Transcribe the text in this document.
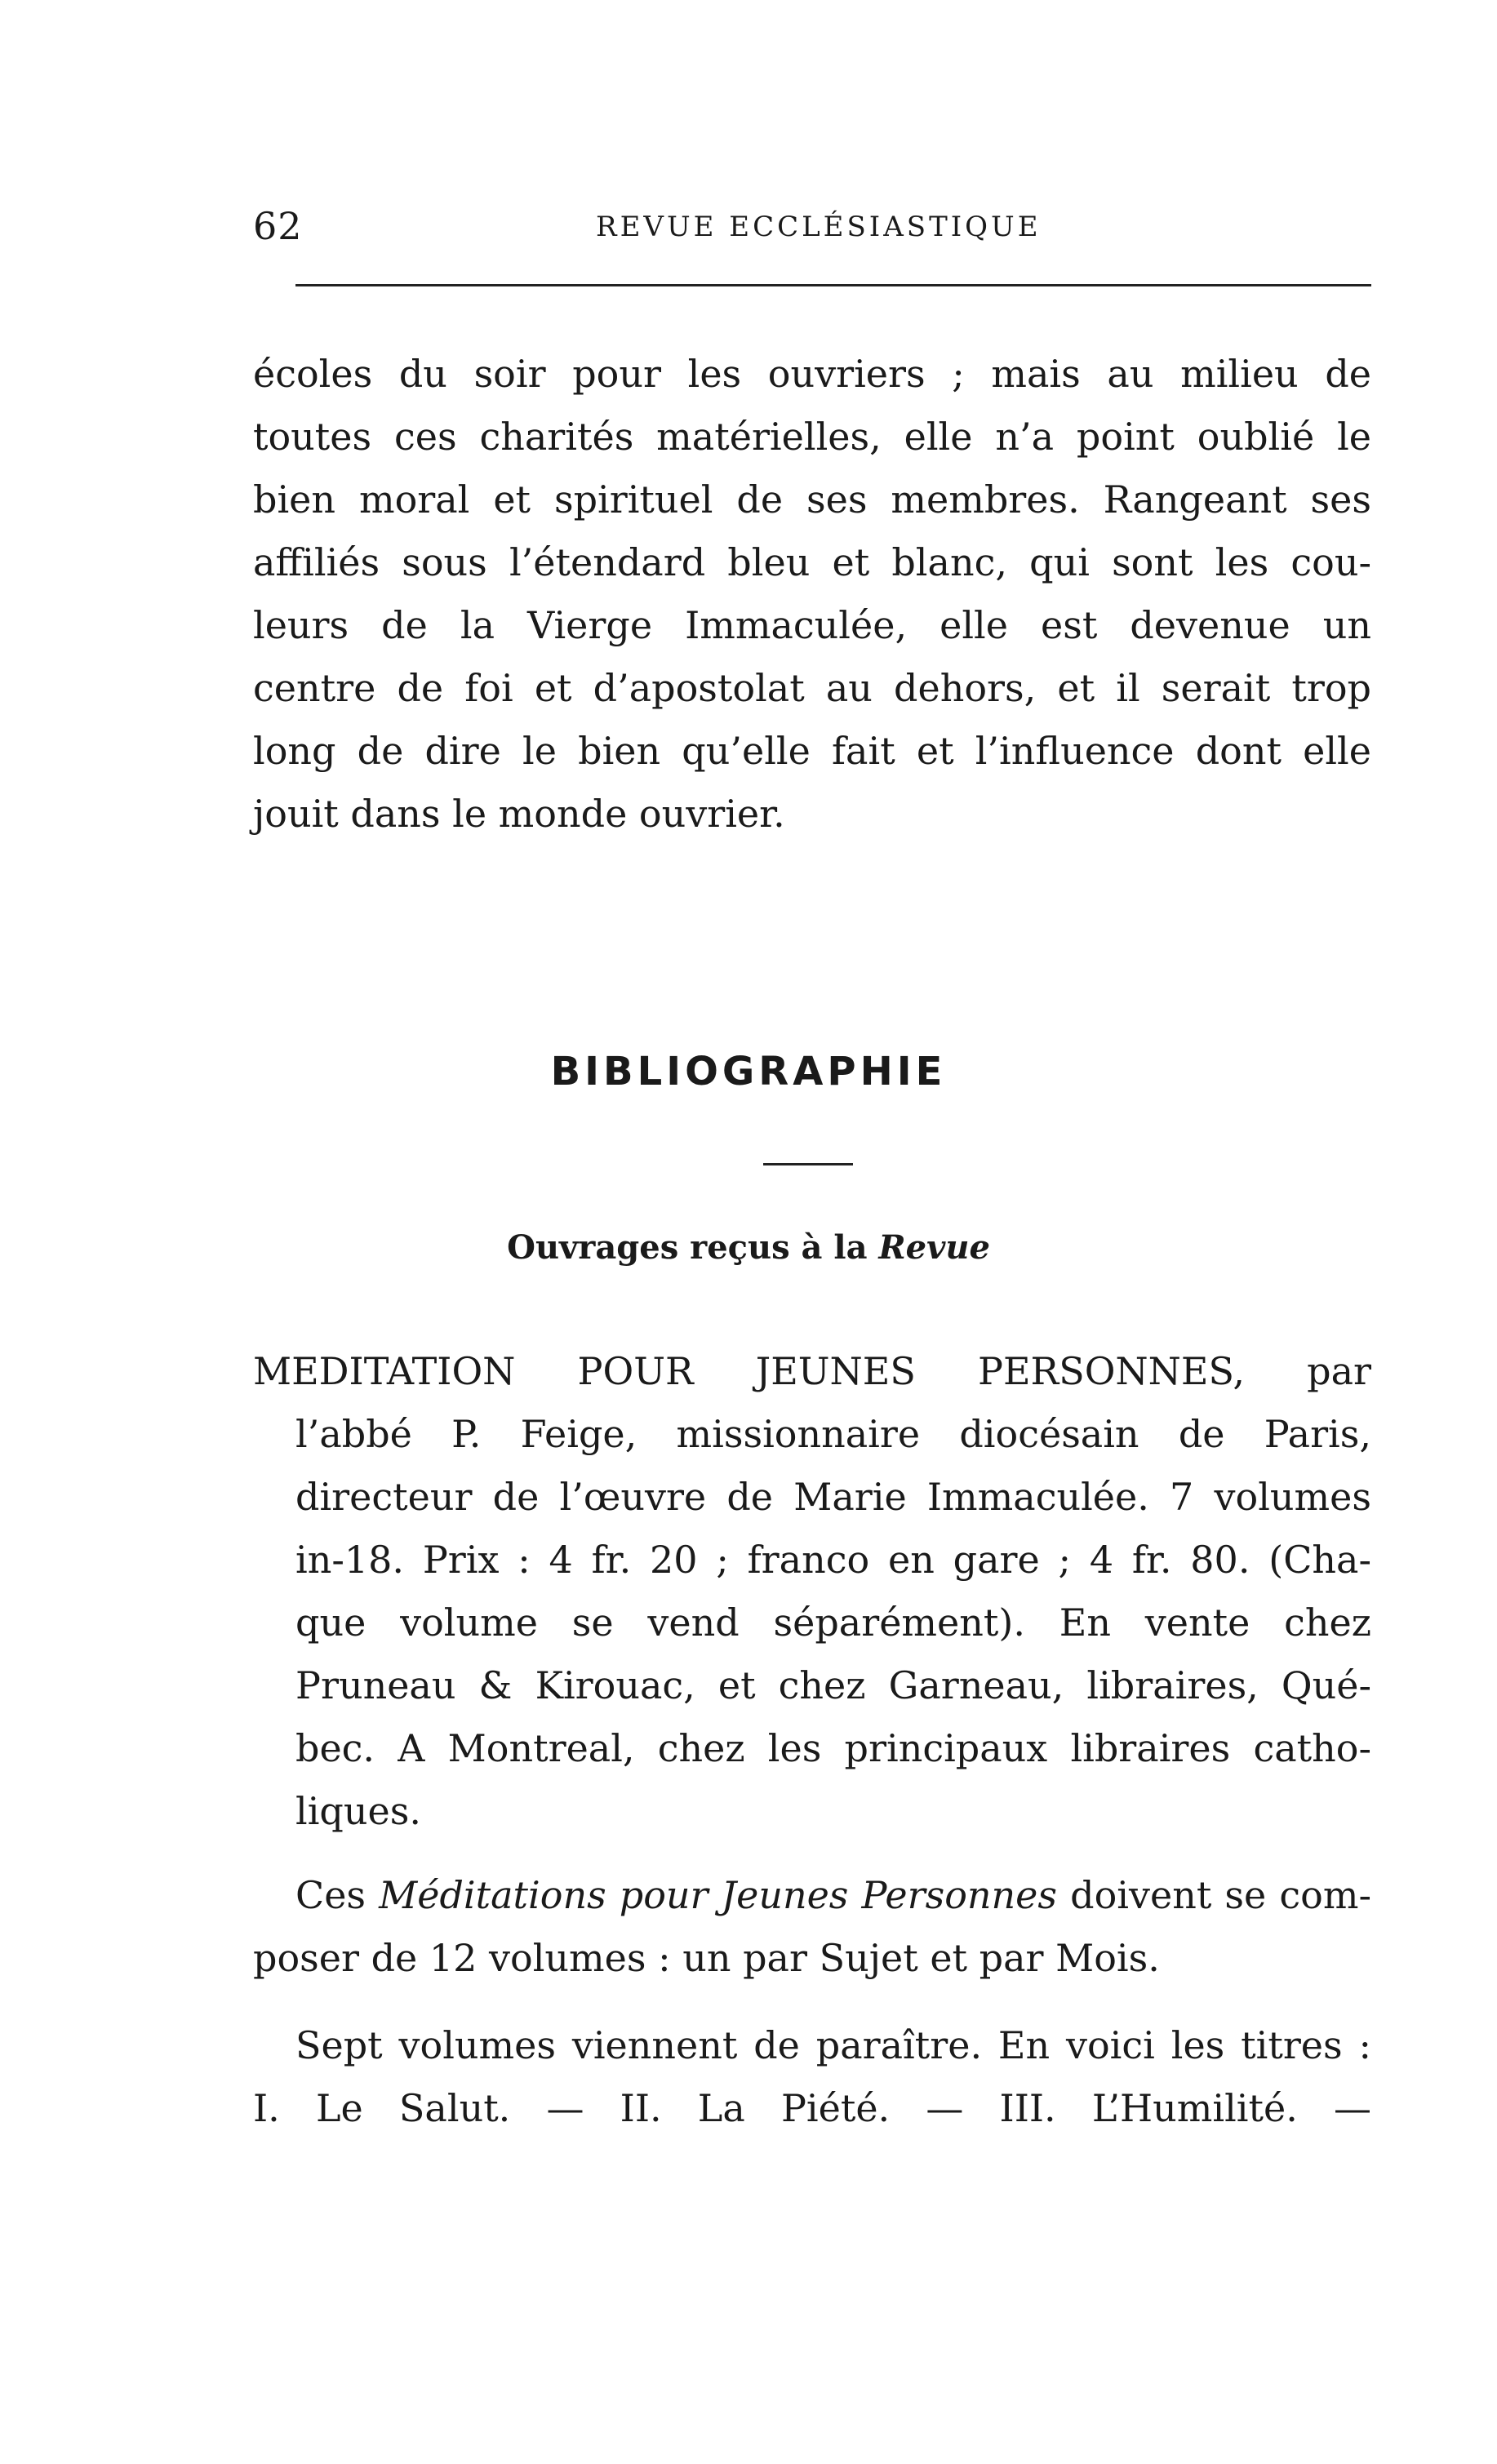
62	REVUE ECCLÉSIASTIQUE
écoles du soir pour les ouvriers ; mais au milieu de
toutes ces charités matérielles, elle n’a point oublié le
bien moral et spirituel de ses membres. Rangeant ses
affiliés sous l’étendard bleu et blanc, qui sont les cou-
leurs de la Vierge Immaculée, elle est devenue un
centre de foi et d’apostolat au dehors, et il serait trop
long de dire le bien qu’elle fait et l’influence dont elle
jouit dans le monde ouvrier.
BIBLIOGRAPHIE
Ouvrages reçus à la Revue
MEDITATION POUR JEUNES PERSONNES, par
l’abbé P. Feige, missionnaire diocésain de Paris,
directeur de l’œuvre de Marie Immaculée. 7 volumes
in-18. Prix : 4 fr. 20 ; franco en gare ; 4 fr. 80. (Cha-
que volume se vend séparément). En vente chez
Pruneau & Kirouac, et chez Garneau, libraires, Qué-
bec. A Montreal, chez les principaux libraires catho-
liques.
Ces Méditations pour Jeunes Personnes doivent se com-
poser de 12 volumes : un par Sujet et par Mois.
Sept volumes viennent de paraître. En voici les titres :
I. Le Salut. — II. La Piété. — III. L’Humilité. —
